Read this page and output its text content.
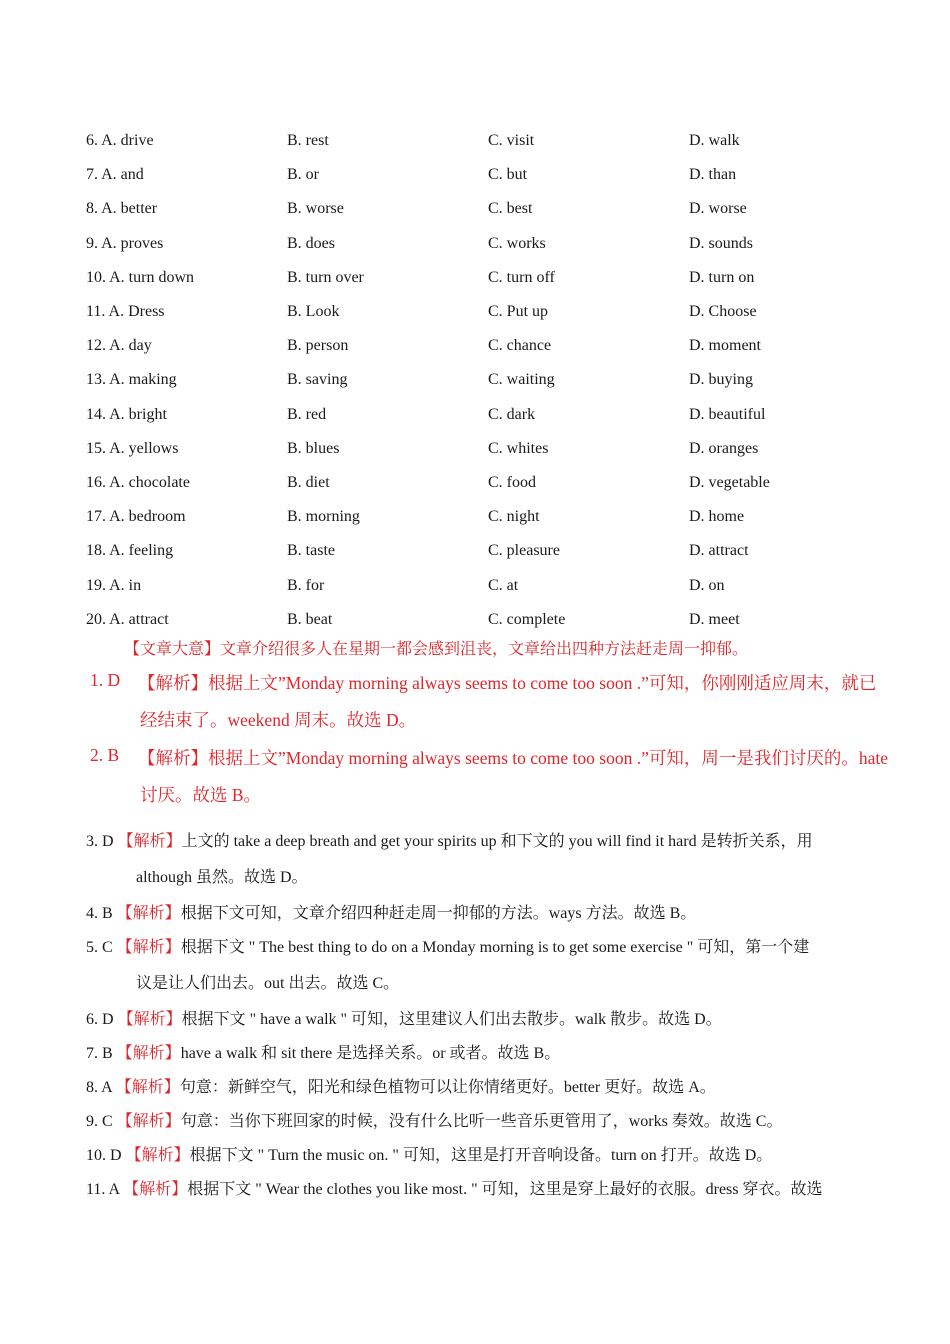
6. A. drive	B. rest	C. visit	D. walk
7. A. and	B. or	C. but	D. than
8. A. better	B. worse	C. best	D. worse
9. A. proves	B. does	C. works	D. sounds
10. A. turn down	B. turn over	C. turn off	D. turn on
11. A. Dress	B. Look	C. Put up	D. Choose
12. A. day	B. person	C. chance	D. moment
13. A. making	B. saving	C. waiting	D. buying
14. A. bright	B. red	C. dark	D. beautiful
15. A. yellows	B. blues	C. whites	D. oranges
16. A. chocolate	B. diet	C. food	D. vegetable
17. A. bedroom	B. morning	C. night	D. home
18. A. feeling	B. taste	C. pleasure	D. attract
19. A. in	B. for	C. at	D. on
20. A. attract	B. beat	C. complete	D. meet
【文章大意】文章介绍很多人在星期一都会感到沮丧，文章给出四种方法赶走周一抑郁。
1. D 【解析】根据上文”Monday morning always seems to come too soon .”可知，你刚刚适应周末，就已
经结束了。weekend 周末。故选 D。
2. B 【解析】根据上文”Monday morning always seems to come too soon .”可知，周一是我们讨厌的。hate
讨厌。故选 B。
3. D 【解析】上文的 take a deep breath and get your spirits up 和下文的 you will find it hard 是转折关系，用
although 虽然。故选 D。
4. B 【解析】根据下文可知，文章介绍四种赶走周一抑郁的方法。ways 方法。故选 B。
5. C 【解析】根据下文 " The best thing to do on a Monday morning is to get some exercise " 可知，第一个建
议是让人们出去。out 出去。故选 C。
6. D 【解析】根据下文 " have a walk " 可知，这里建议人们出去散步。walk 散步。故选 D。
7. B 【解析】have a walk 和 sit there 是选择关系。or 或者。故选 B。
8. A 【解析】句意：新鲜空气，阳光和绿色植物可以让你情绪更好。better 更好。故选 A。
9. C 【解析】句意：当你下班回家的时候，没有什么比听一些音乐更管用了，works 奏效。故选 C。
10. D 【解析】根据下文 " Turn the music on. " 可知，这里是打开音响设备。turn on 打开。故选 D。
11. A 【解析】根据下文 " Wear the clothes you like most. " 可知，这里是穿上最好的衣服。dress 穿衣。故选
